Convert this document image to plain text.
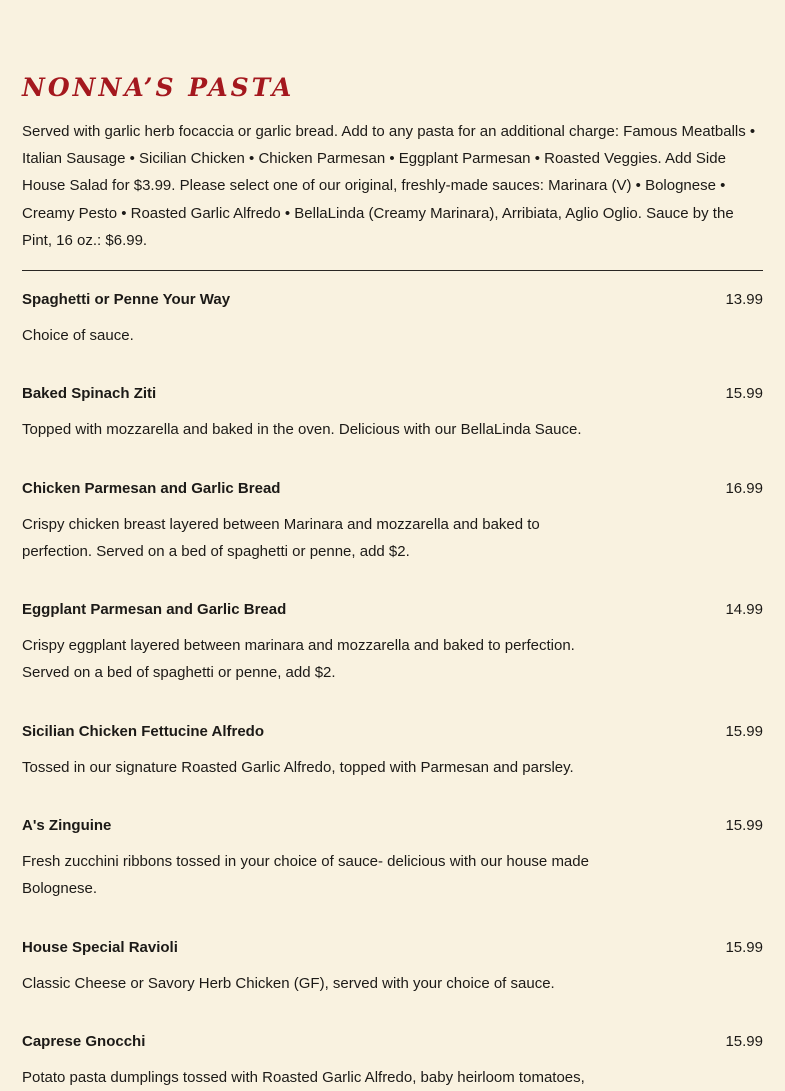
NONNA’S PASTA

Served with garlic herb focaccia or garlic bread. Add to any pasta for an additional charge: Famous Meatballs • Italian Sausage • Sicilian Chicken • Chicken Parmesan • Eggplant Parmesan • Roasted Veggies. Add Side House Salad for $3.99. Please select one of our original, freshly-made sauces: Marinara (V) • Bolognese • Creamy Pesto • Roasted Garlic Alfredo • BellaLinda (Creamy Marinara), Arribiata, Aglio Oglio. Sauce by the Pint, 16 oz.: $6.99.

Spaghetti or Penne Your Way	13.99

Choice of sauce.

Baked Spinach Ziti	15.99

Topped with mozzarella and baked in the oven. Delicious with our BellaLinda Sauce.

Chicken Parmesan and Garlic Bread	16.99

Crispy chicken breast layered between Marinara and mozzarella and baked to perfection. Served on a bed of spaghetti or penne, add $2.

Eggplant Parmesan and Garlic Bread	14.99

Crispy eggplant layered between marinara and mozzarella and baked to perfection. Served on a bed of spaghetti or penne, add $2.

Sicilian Chicken Fettucine Alfredo	15.99

Tossed in our signature Roasted Garlic Alfredo, topped with Parmesan and parsley.

A's Zinguine	15.99

Fresh zucchini ribbons tossed in your choice of sauce- delicious with our house made Bolognese.

House Special Ravioli	15.99

Classic Cheese or Savory Herb Chicken (GF), served with your choice of sauce.

Caprese Gnocchi	15.99

Potato pasta dumplings tossed with Roasted Garlic Alfredo, baby heirloom tomatoes,
